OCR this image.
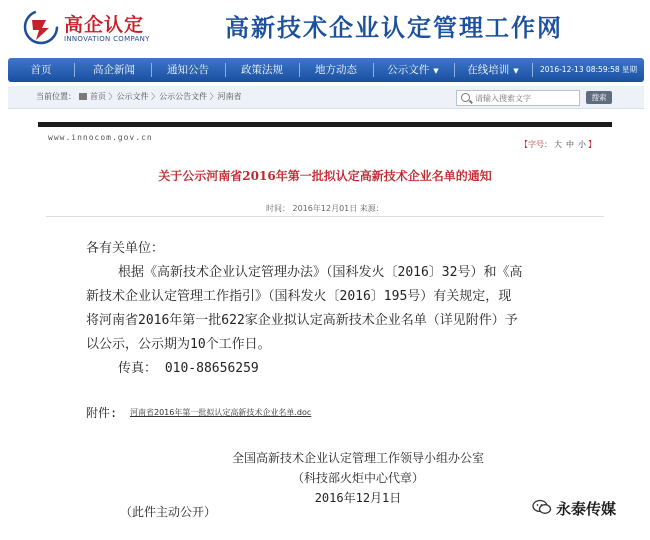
高企认定
INNOVATION COMPANY	高新技术企业认定管理工作网
首页	高企新闻	通知公告	政策法规	地方动态	公示文件 ▼	在线培训 ▼	2016-12-13 08:59:58 星期
当前位置： 首页 〉公示文件 〉公示公告文件 〉河南省
请输入搜索文字	搜索
www.innocom.gov.cn
【字号： 大 中 小 】
关于公示河南省2016年第一批拟认定高新技术企业名单的通知
时间： 2016年12月01日 来源：
各有关单位：
根据《高新技术企业认定管理办法》（国科发火〔2016〕32号）和《高
新技术企业认定管理工作指引》（国科发火〔2016〕195号）有关规定，现
将河南省2016年第一批622家企业拟认定高新技术企业名单（详见附件）予
以公示，公示期为10个工作日。
传真： 010-88656259
附件: 河南省2016年第一批拟认定高新技术企业名单.doc
全国高新技术企业认定管理工作领导小组办公室
（科技部火炬中心代章）
2016年12月1日
（此件主动公开）	永泰传媒
